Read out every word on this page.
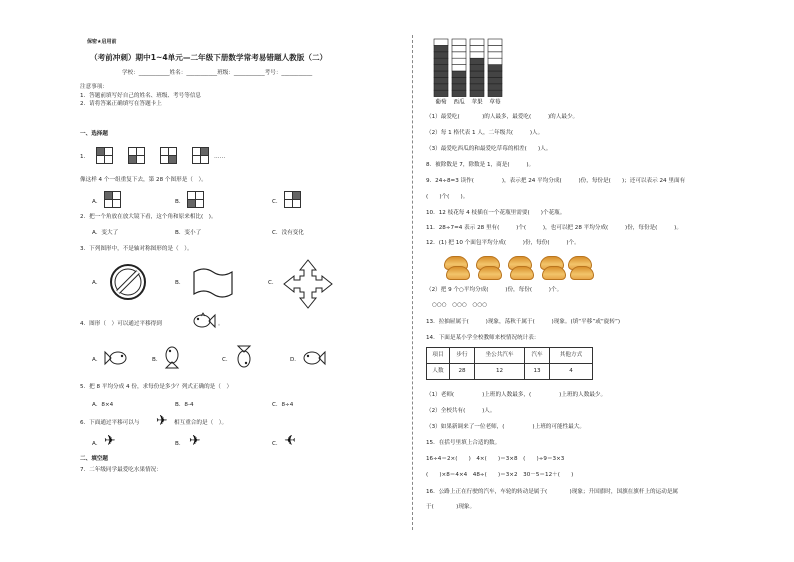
保密★启用前
（考前冲刺）期中1~4单元—二年级下册数学常考易错题人教版（二）
学校：___________姓名：___________班级：___________考号：___________
注意事项：
1．答题前填写好自己的姓名、班级、考号等信息
2．请将答案正确填写在答题卡上
一、选择题
1．	……
像这样 4 个一组重复下去，第 28 个图形是（　）。
A．	B．	C．
2．把一个角放在放大镜下看，这个角和原来相比(　)。
A．变大了	B．变小了	C．没有变化
3．下列图形中，不是轴对称图形的是（　）。
A．	B．	C．
4．图形（　）可以通过平移得到	。
A．	B．	C．	D．
5．把 8 平均分成 4 份，求每份是多少？列式正确的是（　）
A．8×4	B．8-4	C．8÷4
6．下面通过平移可以与 ✈ 相互重合的是（　）。
A． ✈	B． ✈	C． ✈
二、填空题
7．二年级同学最爱吃水果情况：
葡萄 西瓜 苹果 草莓
（1）最爱吃(　　　　)的人最多，最爱吃(　　　)的人最少。
（2）每 1 格代表 1 人，二年级共(　　　)人。
（3）最爱吃西瓜的和最爱吃草莓的相差(　　)人。
8．被除数是 7，除数是 1，商是(　　　)。
9．24÷8=3 读作(　　　　　)，表示把 24 平均分成(　　　)份，每份是(　　)；还可以表示 24 里面有
(　　)个(　　)。
10．12 枝花每 4 枝插在一个花瓶里需要(　　)个花瓶。
11．28÷7=4 表示 28 里有(　　　)个(　　　)，也可以把 28 平均分成(　　　)份，每份是(　　　)。
12．(1) 把 10 个面包平均分成(　　　)份，每份(　　　)个。
（2）把 9 个○平均分成(　　　)份，每份(　　　)个。
○○○　○○○　○○○
13．拉抽屉属于(　　　)现象，荡秋千属于(　　　)现象。(填“平移”或“旋转”)
14．下面是某小学全校教师来校情况统计表：
项目	步行	坐公共汽车	汽车	其他方式
人数	28	12	13	4
（1）老师(　　　　　)上班的人数最多，(　　　　　)上班的人数最少。
（2）全校共有(　　　)人。
（3）如果新调来了一位老师，(　　　　　)上班的可能性最大。
15．在括号里填上合适的数。
16÷4＝2×(　　)　4×(　　)＝3×8　(　　)÷9＝3×3
(　　)×8＝4×4　48÷(　　)＝3×2　30－5＝12＋(　　)
16．公路上正在行驶的汽车，车轮的转动是属于(　　　　)现象；升国旗时，国旗在旗杆上的运动是属
于(　　　　)现象。
